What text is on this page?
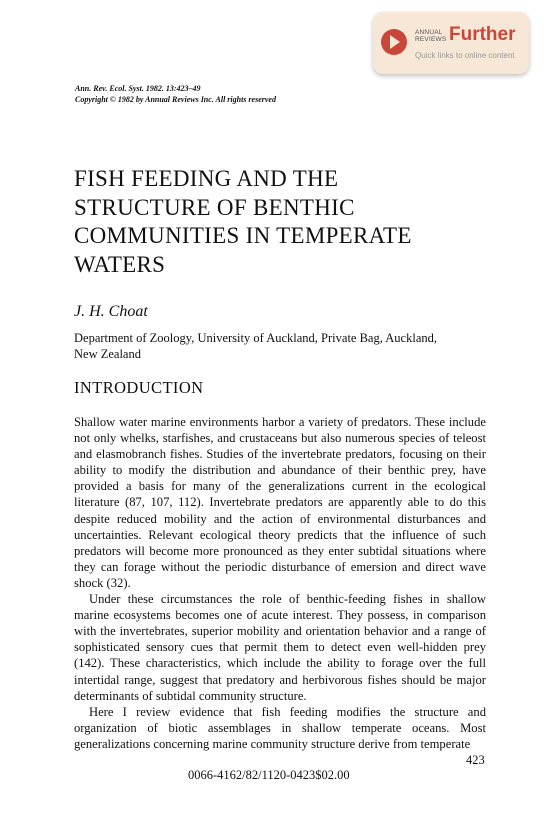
ANNUAL
REVIEWS Further
Quick links to online content
Ann. Rev. Ecol. Syst. 1982. 13:423–49
Copyright © 1982 by Annual Reviews Inc. All rights reserved
FISH FEEDING AND THE
STRUCTURE OF BENTHIC
COMMUNITIES IN TEMPERATE
WATERS
J. H. Choat
Department of Zoology, University of Auckland, Private Bag, Auckland,
New Zealand
INTRODUCTION

Shallow water marine environments harbor a variety of predators. These include not only whelks, starfishes, and crustaceans but also numerous species of teleost and elasmobranch fishes. Studies of the invertebrate predators, focusing on their ability to modify the distribution and abundance of their benthic prey, have provided a basis for many of the generalizations current in the ecological literature (87, 107, 112). Invertebrate predators are apparently able to do this despite reduced mobility and the action of environmental disturbances and uncertainties. Relevant ecological theory predicts that the influence of such predators will become more pronounced as they enter subtidal situations where they can forage without the periodic disturbance of emersion and direct wave shock (32).

Under these circumstances the role of benthic-feeding fishes in shallow marine ecosystems becomes one of acute interest. They possess, in comparison with the invertebrates, superior mobility and orientation behavior and a range of sophisticated sensory cues that permit them to detect even well-hidden prey (142). These characteristics, which include the ability to forage over the full intertidal range, suggest that predatory and herbivorous fishes should be major determinants of subtidal community structure.

Here I review evidence that fish feeding modifies the structure and organization of biotic assemblages in shallow temperate oceans. Most generalizations concerning marine community structure derive from temperate

423
0066-4162/82/1120-0423$02.00
